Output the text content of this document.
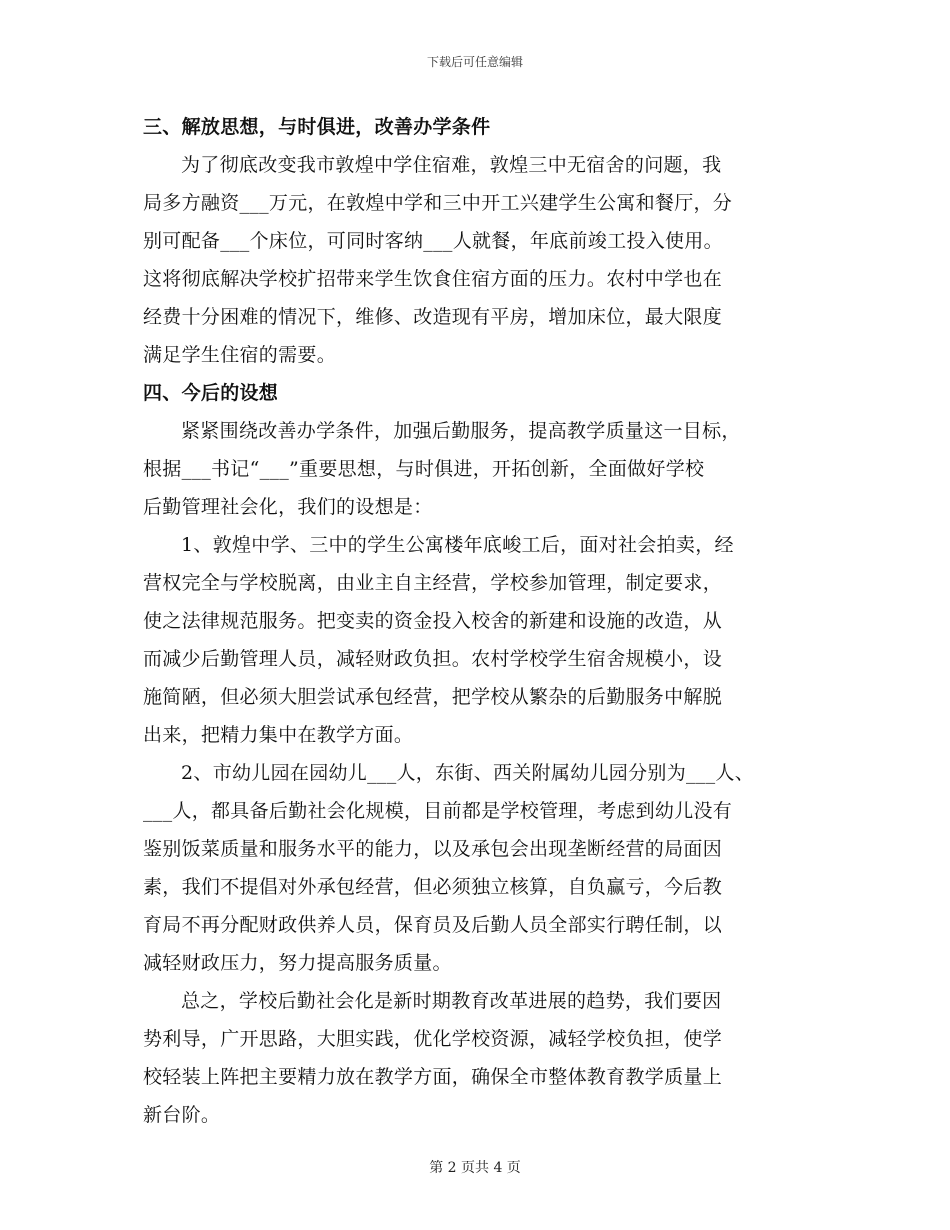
下载后可任意编辑
三、解放思想，与时俱进，改善办学条件
为了彻底改变我市敦煌中学住宿难，敦煌三中无宿舍的问题，我
局多方融资___万元，在敦煌中学和三中开工兴建学生公寓和餐厅，分
别可配备___个床位，可同时客纳___人就餐，年底前竣工投入使用。
这将彻底解决学校扩招带来学生饮食住宿方面的压力。农村中学也在
经费十分困难的情况下，维修、改造现有平房，增加床位，最大限度
满足学生住宿的需要。
四、今后的设想
紧紧围绕改善办学条件，加强后勤服务，提高教学质量这一目标，
根据___书记“___”重要思想，与时俱进，开拓创新，全面做好学校
后勤管理社会化，我们的设想是：
1、敦煌中学、三中的学生公寓楼年底峻工后，面对社会拍卖，经
营权完全与学校脱离，由业主自主经营，学校参加管理，制定要求，
使之法律规范服务。把变卖的资金投入校舍的新建和设施的改造，从
而减少后勤管理人员，减轻财政负担。农村学校学生宿舍规模小，设
施简陋，但必须大胆尝试承包经营，把学校从繁杂的后勤服务中解脱
出来，把精力集中在教学方面。
2、市幼儿园在园幼儿___人，东街、西关附属幼儿园分别为___人、
___人，都具备后勤社会化规模，目前都是学校管理，考虑到幼儿没有
鉴别饭菜质量和服务水平的能力，以及承包会出现垄断经营的局面因
素，我们不提倡对外承包经营，但必须独立核算，自负赢亏，今后教
育局不再分配财政供养人员，保育员及后勤人员全部实行聘任制，以
减轻财政压力，努力提高服务质量。
总之，学校后勤社会化是新时期教育改革进展的趋势，我们要因
势利导，广开思路，大胆实践，优化学校资源，减轻学校负担，使学
校轻装上阵把主要精力放在教学方面，确保全市整体教育教学质量上
新台阶。
第 2 页共 4 页
